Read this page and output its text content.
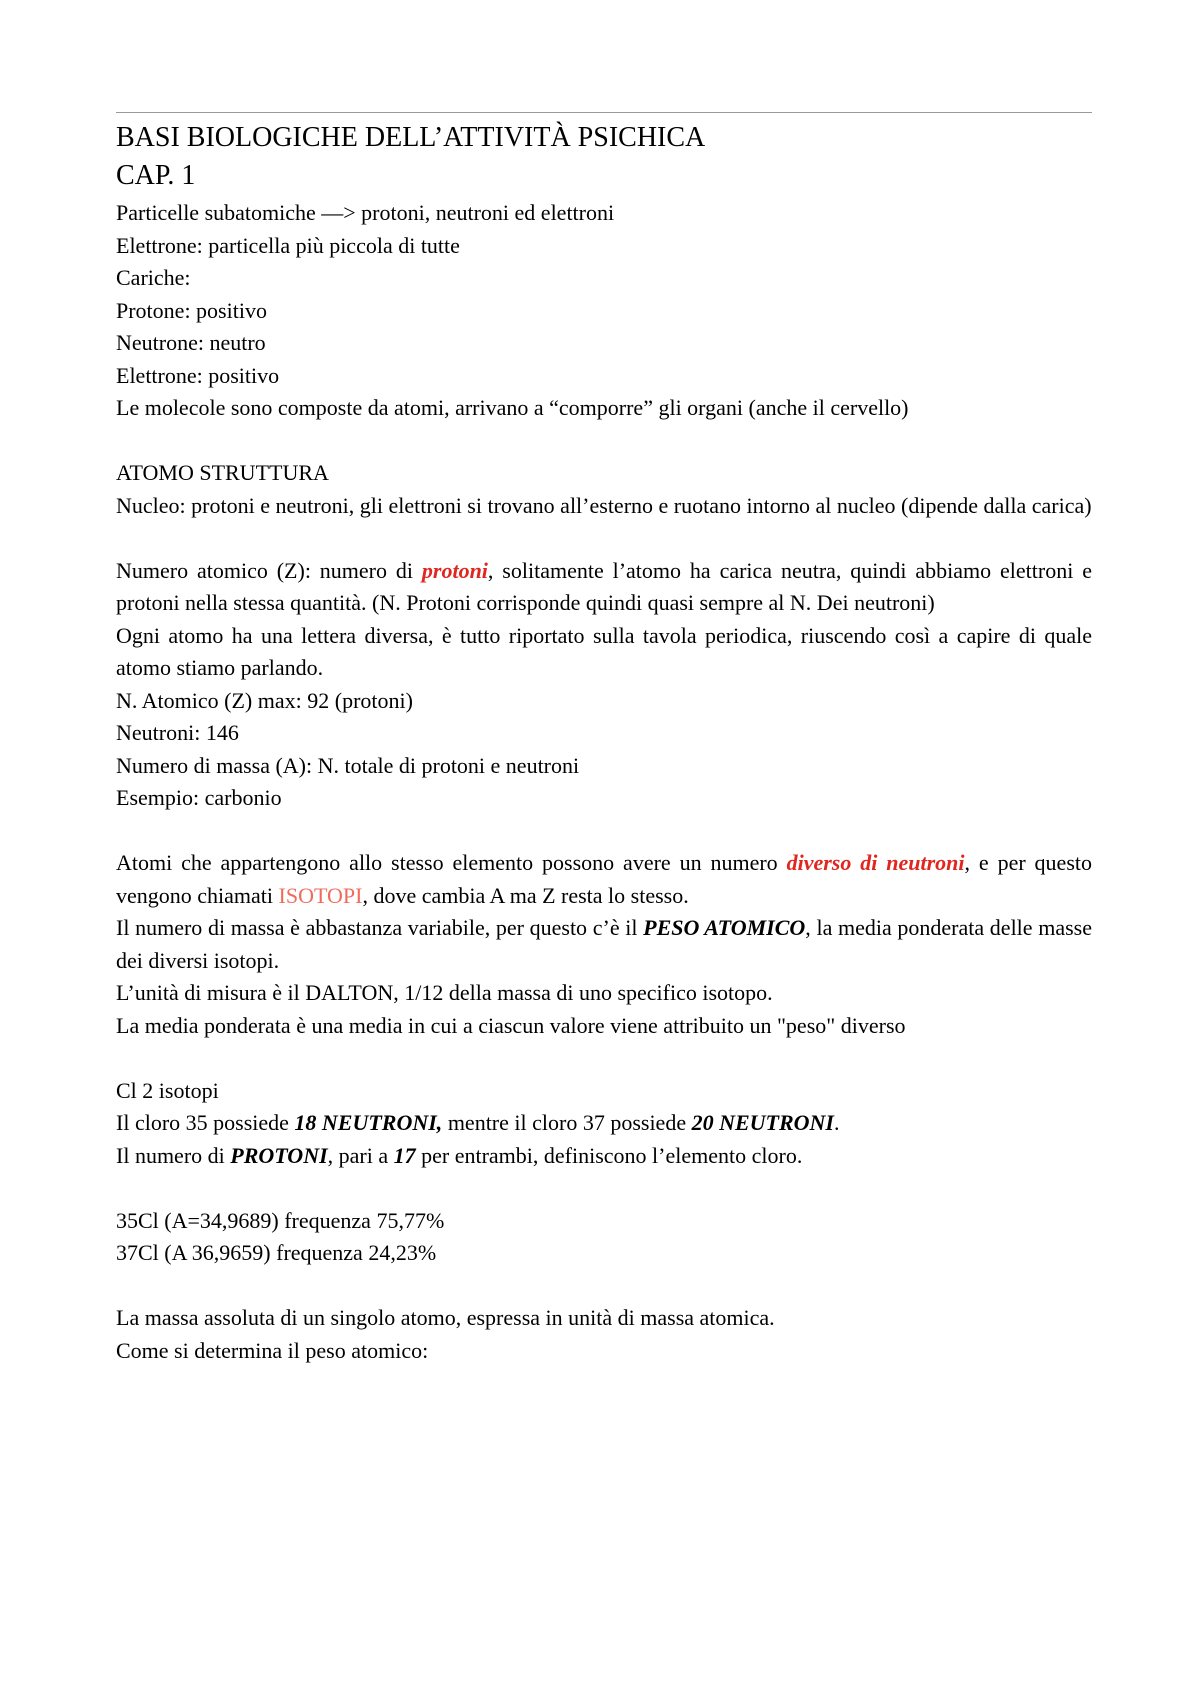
BASI BIOLOGICHE DELL’ATTIVITÀ PSICHICA
CAP. 1

Particelle subatomiche —> protoni, neutroni ed elettroni

Elettrone: particella più piccola di tutte

Cariche:

Protone: positivo

Neutrone: neutro

Elettrone: positivo

Le molecole sono composte da atomi, arrivano a “comporre” gli organi (anche il cervello)

ATOMO STRUTTURA

Nucleo: protoni e neutroni, gli elettroni si trovano all’esterno e ruotano intorno al nucleo (dipende dalla carica)

Numero atomico (Z): numero di protoni, solitamente l’atomo ha carica neutra, quindi abbiamo elettroni e protoni nella stessa quantità. (N. Protoni corrisponde quindi quasi sempre al N. Dei neutroni)

Ogni atomo ha una lettera diversa, è tutto riportato sulla tavola periodica, riuscendo così a capire di quale atomo stiamo parlando.

N. Atomico (Z) max: 92 (protoni)

Neutroni: 146

Numero di massa (A): N. totale di protoni e neutroni

Esempio: carbonio

Atomi che appartengono allo stesso elemento possono avere un numero diverso di neutroni, e per questo vengono chiamati ISOTOPI, dove cambia A ma Z resta lo stesso.

Il numero di massa è abbastanza variabile, per questo c’è il PESO ATOMICO, la media ponderata delle masse dei diversi isotopi.

L’unità di misura è il DALTON, 1/12 della massa di uno specifico isotopo.

La media ponderata è una media in cui a ciascun valore viene attribuito un "peso" diverso

Cl 2 isotopi

Il cloro 35 possiede 18 NEUTRONI, mentre il cloro 37 possiede 20 NEUTRONI.

Il numero di PROTONI, pari a 17 per entrambi, definiscono l’elemento cloro.

35Cl (A=34,9689) frequenza 75,77%

37Cl (A 36,9659) frequenza 24,23%

La massa assoluta di un singolo atomo, espressa in unità di massa atomica.

Come si determina il peso atomico:
